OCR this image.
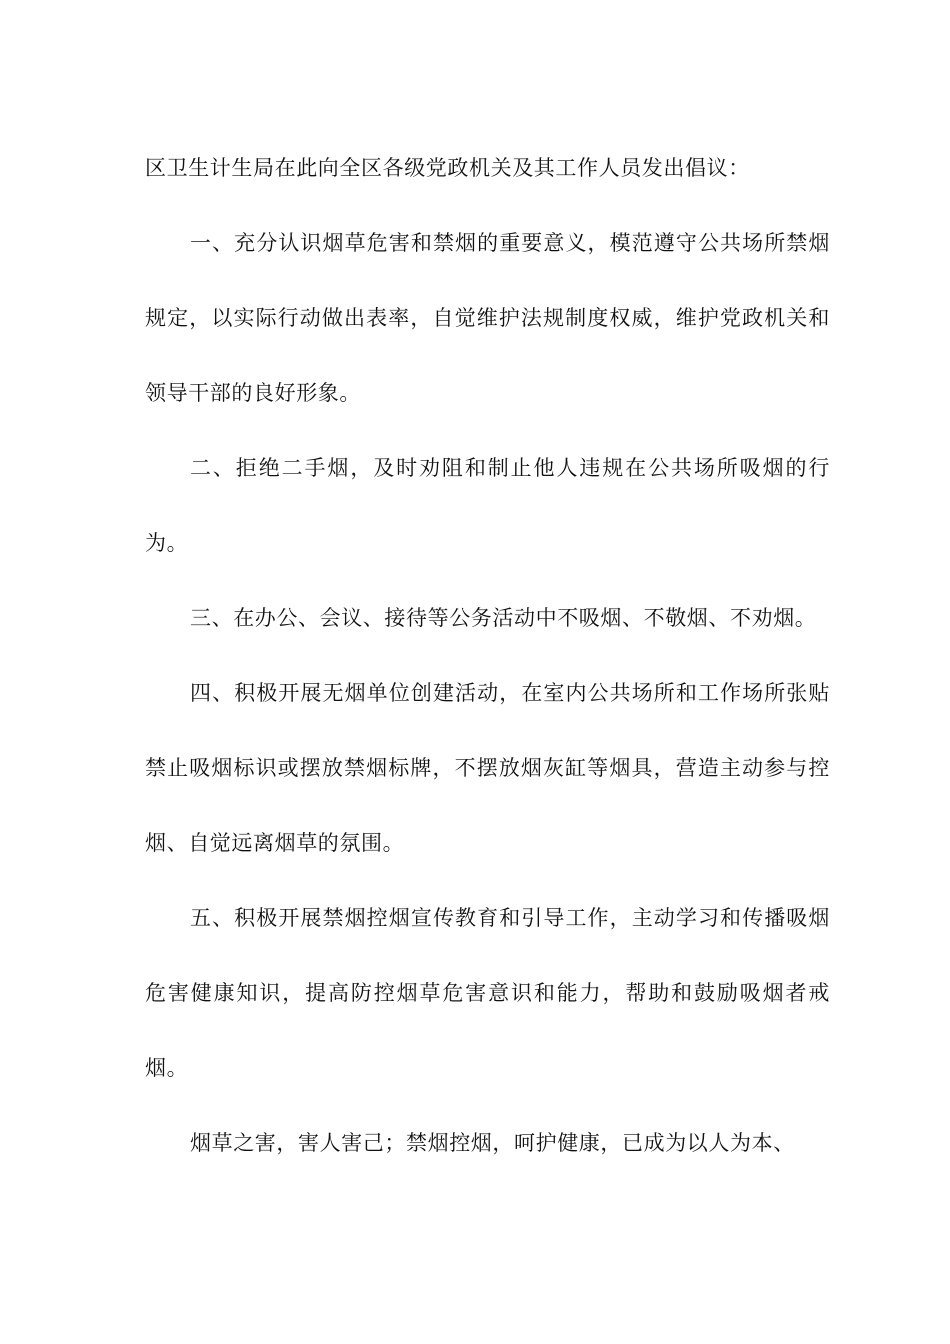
区卫生计生局在此向全区各级党政机关及其工作人员发出倡议：

一、充分认识烟草危害和禁烟的重要意义，模范遵守公共场所禁烟规定，以实际行动做出表率，自觉维护法规制度权威，维护党政机关和领导干部的良好形象。

二、拒绝二手烟，及时劝阻和制止他人违规在公共场所吸烟的行为。

三、在办公、会议、接待等公务活动中不吸烟、不敬烟、不劝烟。

四、积极开展无烟单位创建活动，在室内公共场所和工作场所张贴禁止吸烟标识或摆放禁烟标牌，不摆放烟灰缸等烟具，营造主动参与控烟、自觉远离烟草的氛围。

五、积极开展禁烟控烟宣传教育和引导工作，主动学习和传播吸烟危害健康知识，提高防控烟草危害意识和能力，帮助和鼓励吸烟者戒烟。

烟草之害，害人害己；禁烟控烟，呵护健康，已成为以人为本、
